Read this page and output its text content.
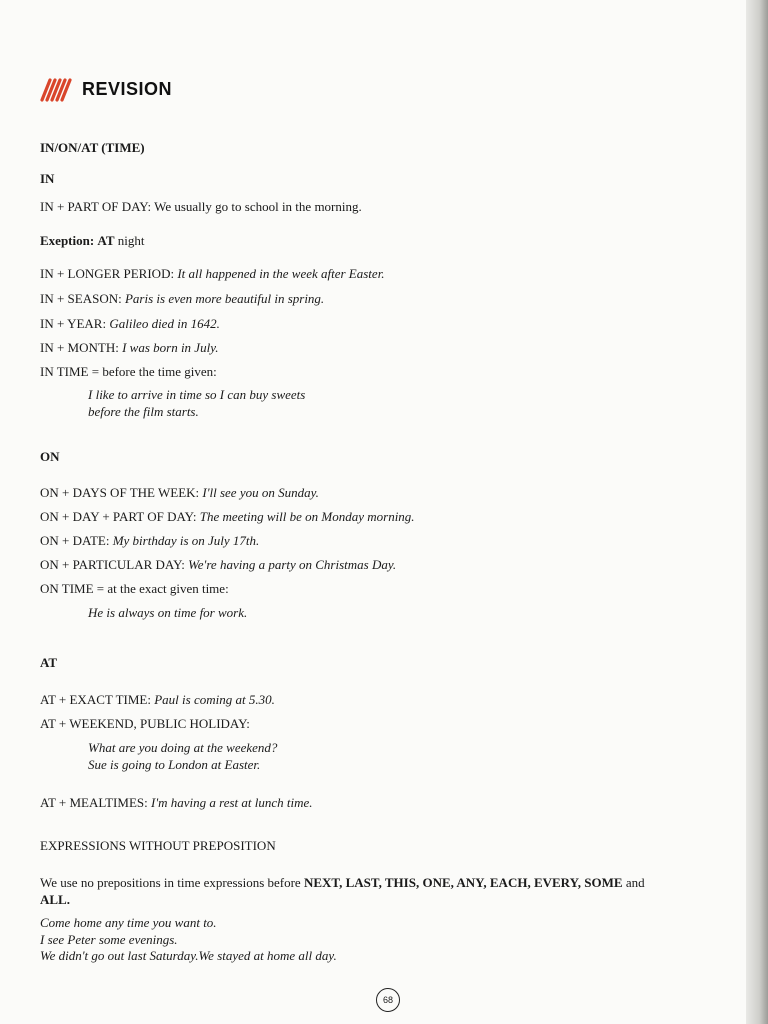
REVISION
IN/ON/AT (TIME)
IN
IN + PART OF DAY: We usually go to school in the morning.
Exeption: AT night
IN + LONGER PERIOD: It all happened in the week after Easter.
IN + SEASON: Paris is even more beautiful in spring.
IN + YEAR: Galileo died in 1642.
IN + MONTH: I was born in July.
IN TIME = before the time given:
I like to arrive in time so I can buy sweets
before the film starts.
ON
ON + DAYS OF THE WEEK: I'll see you on Sunday.
ON + DAY + PART OF DAY: The meeting will be on Monday morning.
ON + DATE: My birthday is on July 17th.
ON + PARTICULAR DAY: We're having a party on Christmas Day.
ON TIME = at the exact given time:
He is always on time for work.
AT
AT + EXACT TIME: Paul is coming at 5.30.
AT + WEEKEND, PUBLIC HOLIDAY:
What are you doing at the weekend?
Sue is going to London at Easter.
AT + MEALTIMES: I'm having a rest at lunch time.
EXPRESSIONS WITHOUT PREPOSITION
We use no prepositions in time expressions before NEXT, LAST, THIS, ONE, ANY, EACH, EVERY, SOME and
ALL.
Come home any time you want to.
I see Peter some evenings.
We didn't go out last Saturday.We stayed at home all day.
68
